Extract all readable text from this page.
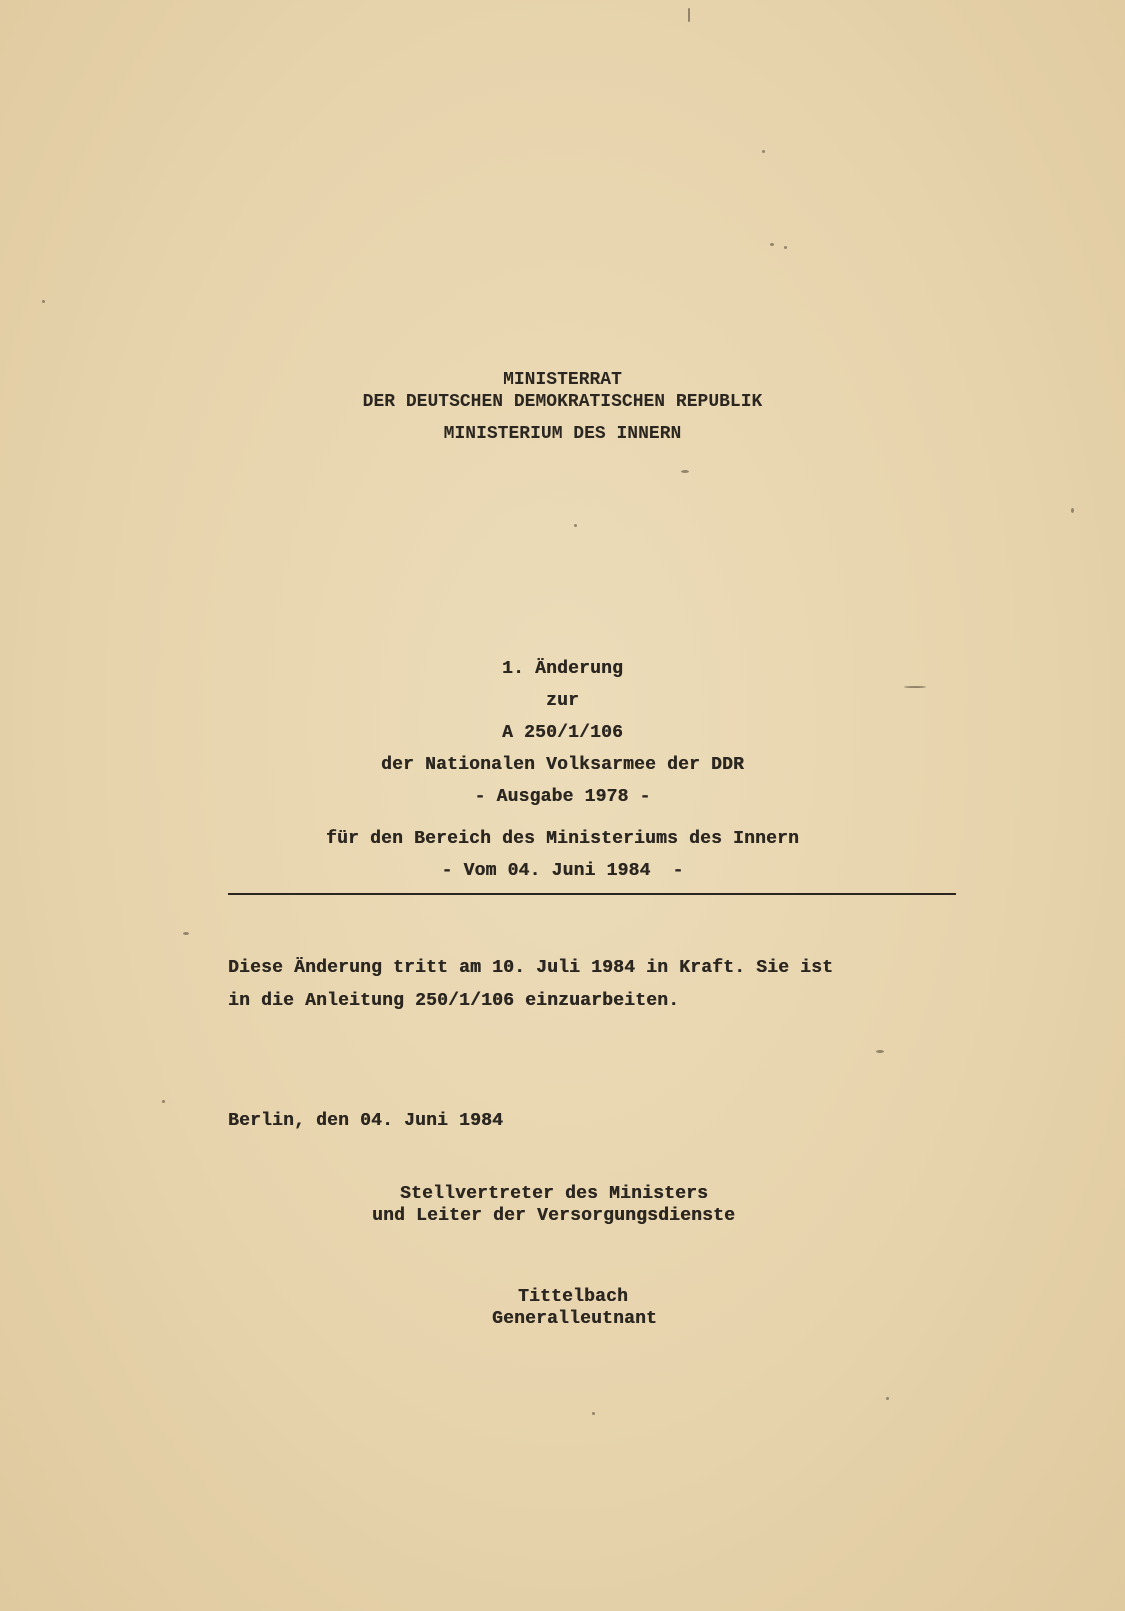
MINISTERRAT
DER DEUTSCHEN DEMOKRATISCHEN REPUBLIK
MINISTERIUM DES INNERN
1. Änderung
zur
A 250/1/106
der Nationalen Volksarmee der DDR
- Ausgabe 1978 -
für den Bereich des Ministeriums des Innern
- Vom 04. Juni 1984  -
Diese Änderung tritt am 10. Juli 1984 in Kraft. Sie ist
in die Anleitung 250/1/106 einzuarbeiten.
Berlin, den 04. Juni 1984
Stellvertreter des Ministers
und Leiter der Versorgungsdienste
Tittelbach
Generalleutnant
